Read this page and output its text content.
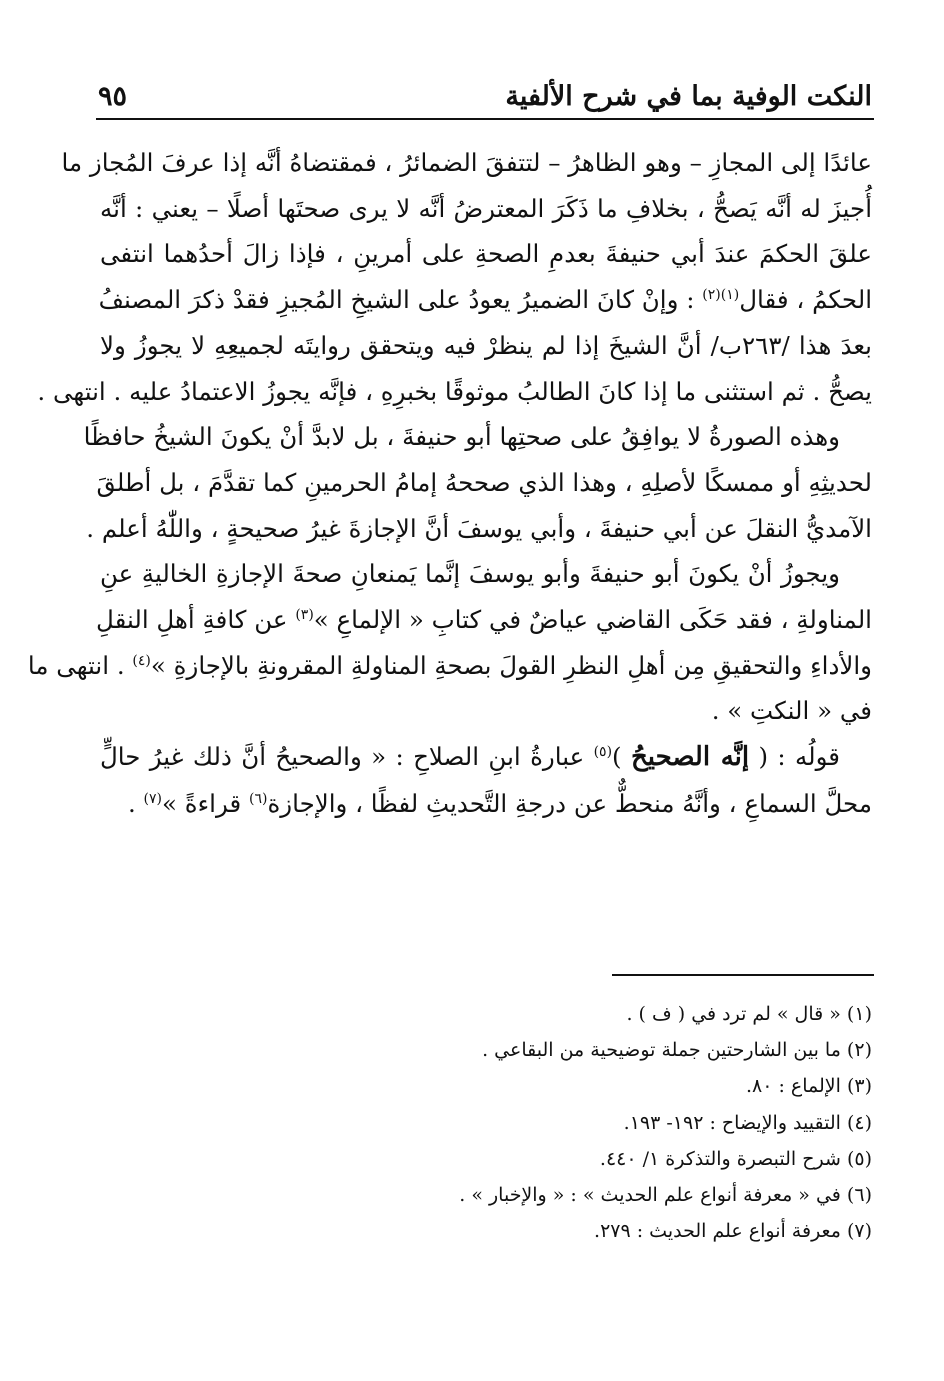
النكت الوفية بما في شرح الألفية
٩٥
عائدًا إلى المجازِ – وهو الظاهرُ – لتتفقَ الضمائرُ ، فمقتضاهُ أنَّه إذا عرفَ المُجاز ما
أُجيزَ له أنَّه يَصحُّ ، بخلافِ ما ذَكَرَ المعترضُ أنَّه لا يرى صحتَها أصلًا – يعني : أنَّه
علقَ الحكمَ عندَ أبي حنيفةَ بعدمِ الصحةِ على أمرينِ ، فإذا زالَ أحدُهما انتفى
الحكمُ ، فقال$^{(١)(٢)}$ : وإنْ كانَ الضميرُ يعودُ على الشيخِ المُجيزِ فقدْ ذكرَ المصنفُ
بعدَ هذا /٢٦٣ب/ أنَّ الشيخَ إذا لم ينظرْ فيه ويتحقق روايتَه لجميعِهِ لا يجوزُ ولا
يصحُّ . ثم استثنى ما إذا كانَ الطالبُ موثوقًا بخبرِهِ ، فإنَّه يجوزُ الاعتمادُ عليه . انتهى .
وهذه الصورةُ لا يوافِقُ على صحتِها أبو حنيفةَ ، بل لابدَّ أنْ يكونَ الشيخُ حافظًا
لحديثِهِ أو ممسكًا لأصلِهِ ، وهذا الذي صححهُ إمامُ الحرمينِ كما تقدَّمَ ، بل أطلقَ
الآمديُّ النقلَ عن أبي حنيفةَ ، وأبي يوسفَ أنَّ الإجازةَ غيرُ صحيحةٍ ، واللّٰهُ أعلم .
ويجوزُ أنْ يكونَ أبو حنيفةَ وأبو يوسفَ إنَّما يَمنعانِ صحةَ الإجازةِ الخاليةِ عنِ
المناولةِ ، فقد حَكَى القاضي عياضٌ في كتابِ « الإلماعِ »$^{(٣)}$ عن كافةِ أهلِ النقلِ
والأداءِ والتحقيقِ مِن أهلِ النظرِ القولَ بصحةِ المناولةِ المقرونةِ بالإجازةِ »$^{(٤)}$ . انتهى ما
في « النكتِ » .
قولُه : ( إنَّه الصحيحُ )$^{(٥)}$ عبارةُ ابنِ الصلاحِ : « والصحيحُ أنَّ ذلك غيرُ حالٍّ
محلَّ السماعِ ، وأنَّهُ منحطٌّ عن درجةِ التَّحديثِ لفظًا ، والإجازة$^{(٦)}$ قراءةً »$^{(٧)}$ .
(١) « قال » لم ترد في ( ف ) .
(٢) ما بين الشارحتين جملة توضيحية من البقاعي .
(٣) الإلماع : ٨٠.
(٤) التقييد والإيضاح : ١٩٢- ١٩٣.
(٥) شرح التبصرة والتذكرة ١/ ٤٤٠.
(٦) في « معرفة أنواع علم الحديث » : « والإخبار » .
(٧) معرفة أنواع علم الحديث : ٢٧٩.
